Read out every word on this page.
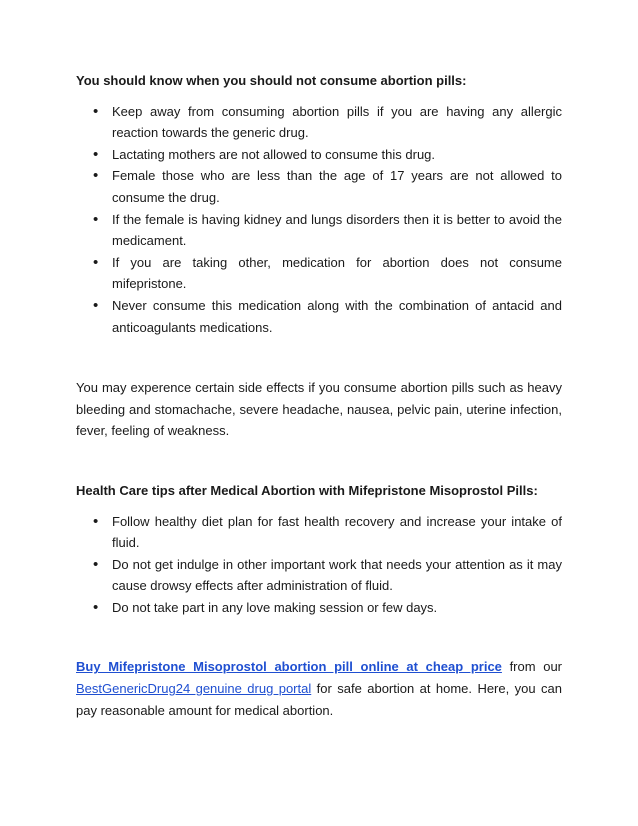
You should know when you should not consume abortion pills:

• Keep away from consuming abortion pills if you are having any allergic reaction towards the generic drug.
• Lactating mothers are not allowed to consume this drug.
• Female those who are less than the age of 17 years are not allowed to consume the drug.
• If the female is having kidney and lungs disorders then it is better to avoid the medicament.
• If you are taking other, medication for abortion does not consume mifepristone.
• Never consume this medication along with the combination of antacid and anticoagulants medications.

You may experence certain side effects if you consume abortion pills such as heavy bleeding and stomachache, severe headache, nausea, pelvic pain, uterine infection, fever, feeling of weakness.

Health Care tips after Medical Abortion with Mifepristone Misoprostol Pills:

• Follow healthy diet plan for fast health recovery and increase your intake of fluid.
• Do not get indulge in other important work that needs your attention as it may cause drowsy effects after administration of fluid.
• Do not take part in any love making session or few days.

Buy Mifepristone Misoprostol abortion pill online at cheap price from our BestGenericDrug24 genuine drug portal for safe abortion at home. Here, you can pay reasonable amount for medical abortion.
